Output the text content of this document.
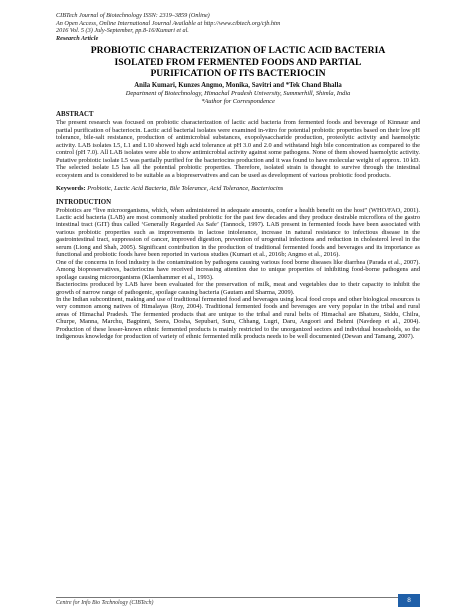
CIBTech Journal of Biotechnology ISSN: 2319–3859 (Online)
An Open Access, Online International Journal Available at http://www.cibtech.org/cjb.htm
2016 Vol. 5 (3) July-September, pp.8-16/Kumari et al.
Research Article
PROBIOTIC CHARACTERIZATION OF LACTIC ACID BACTERIA
ISOLATED FROM FERMENTED FOODS AND PARTIAL
PURIFICATION OF ITS BACTERIOCIN
Anila Kumari, Kunzes Angmo, Monika, Savitri and *Tek Chand Bhalla
Department of Biotechnology, Himachal Pradesh University, Summerhill, Shimla, India
*Author for Correspondence
ABSTRACT

The present research was focused on probiotic characterization of lactic acid bacteria from fermented foods and beverage of Kinnaur and partial purification of bacteriocin. Lactic acid bacterial isolates were examined in-vitro for potential probiotic properties based on their low pH tolerance, bile-salt resistance, production of antimicrobial substances, exopolysaccharide production, proteolytic activity and haemolytic activity. LAB isolates L5, L1 and L10 showed high acid tolerance at pH 3.0 and 2.0 and withstand high bile concentration as compared to the control (pH 7.0). All LAB isolates were able to show antimicrobial activity against some pathogens. None of them showed haemolytic activity. Putative probiotic isolate L5 was partially purified for the bacteriocins production and it was found to have molecular weight of approx. 10 kD. The selected isolate L5 has all the potential probiotic properties. Therefore, isolated strain is thought to survive through the intestinal ecosystem and is considered to be suitable as a biopreservatives and can be used as development of various probiotic food products.

Keywords: Probiotic, Lactic Acid Bacteria, Bile Tolerance, Acid Tolerance, Bacteriocins
INTRODUCTION

Probiotics are “live microorganisms, which, when administered in adequate amounts, confer a health benefit on the host” (WHO/FAO, 2001). Lactic acid bacteria (LAB) are most commonly studied probiotic for the past few decades and they produce desirable microflora of the gastro intestinal tract (GIT) thus called ‘Generally Regarded As Safe’ (Tannock, 1997). LAB present in fermented foods have been associated with various probiotic properties such as improvements in lactose intolerance, increase in natural resistance to infectious disease in the gastrointestinal tract, suppression of cancer, improved digestion, prevention of urogenital infections and reduction in cholesterol level in the serum (Liong and Shah, 2005). Significant contribution in the production of traditional fermented foods and beverages and its importance as functional and probiotic foods have been reported in various studies (Kumari et al., 2016b; Angmo et al., 2016).

One of the concerns in food industry is the contamination by pathogens causing various food borne diseases like diarrhea (Parada et al., 2007). Among biopreservatives, bacteriocins have received increasing attention due to unique properties of inhibiting food-borne pathogens and spoilage causing microorganisms (Klaenhammer et al., 1993).

Bacteriocins produced by LAB have been evaluated for the preservation of milk, meat and vegetables due to their capacity to inhibit the growth of narrow range of pathogenic, spoilage causing bacteria (Gautam and Sharma, 2009).

In the Indian subcontinent, making and use of traditional fermented food and beverages using local food crops and other biological resources is very common among natives of Himalayas (Roy, 2004). Traditional fermented foods and beverages are very popular in the tribal and rural areas of Himachal Pradesh. The fermented products that are unique to the tribal and rural belts of Himachal are Bhaturu, Siddu, Chilra, Churpe, Manna, Marchu, Bagpinni, Seera, Dosha, Sepubari, Suru, Chhang, Lugri, Daru, Angoori and Behmi (Navdeep et al., 2004). Production of these lesser-known ethnic fermented products is mainly restricted to the unorganized sectors and individual households, so the indigenous knowledge for production of variety of ethnic fermented milk products needs to be well documented (Dewan and Tamang, 2007).

Centre for Info Bio Technology (CIBTech)	8
